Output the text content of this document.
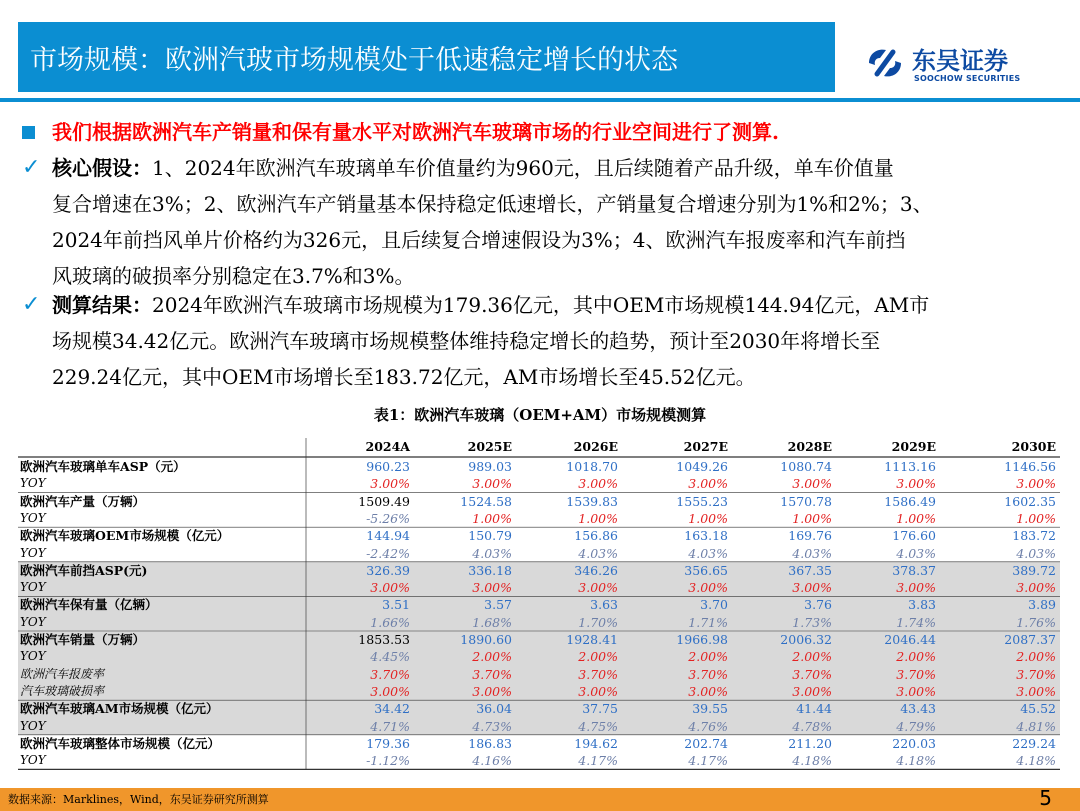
市场规模：欧洲汽玻市场规模处于低速稳定增长的状态	东吴证券
SOOCHOW SECURITIES
我们根据欧洲汽车产销量和保有量水平对欧洲汽车玻璃市场的行业空间进行了测算.
✓ 核心假设：1、2024年欧洲汽车玻璃单车价值量约为960元，且后续随着产品升级，单车价值量
复合增速在3%；2、欧洲汽车产销量基本保持稳定低速增长，产销量复合增速分别为1%和2%；3、
2024年前挡风单片价格约为326元，且后续复合增速假设为3%；4、欧洲汽车报废率和汽车前挡
风玻璃的破损率分别稳定在3.7%和3%。
✓ 测算结果：2024年欧洲汽车玻璃市场规模为179.36亿元，其中OEM市场规模144.94亿元，AM市
场规模34.42亿元。欧洲汽车玻璃市场规模整体维持稳定增长的趋势，预计至2030年将增长至
229.24亿元，其中OEM市场增长至183.72亿元，AM市场增长至45.52亿元。
表1：欧洲汽车玻璃（OEM+AM）市场规模测算
2024A	2025E	2026E	2027E	2028E	2029E	2030E
欧洲汽车玻璃单车ASP（元）	960.23	989.03	1018.70	1049.26	1080.74	1113.16	1146.56
YOY	3.00%	3.00%	3.00%	3.00%	3.00%	3.00%	3.00%
欧洲汽车产量（万辆）	1509.49	1524.58	1539.83	1555.23	1570.78	1586.49	1602.35
YOY	-5.26%	1.00%	1.00%	1.00%	1.00%	1.00%	1.00%
欧洲汽车玻璃OEM市场规模（亿元）	144.94	150.79	156.86	163.18	169.76	176.60	183.72
YOY	-2.42%	4.03%	4.03%	4.03%	4.03%	4.03%	4.03%
欧洲汽车前挡ASP(元)	326.39	336.18	346.26	356.65	367.35	378.37	389.72
YOY	3.00%	3.00%	3.00%	3.00%	3.00%	3.00%	3.00%
欧洲汽车保有量（亿辆）	3.51	3.57	3.63	3.70	3.76	3.83	3.89
YOY	1.66%	1.68%	1.70%	1.71%	1.73%	1.74%	1.76%
欧洲汽车销量（万辆）	1853.53	1890.60	1928.41	1966.98	2006.32	2046.44	2087.37
YOY	4.45%	2.00%	2.00%	2.00%	2.00%	2.00%	2.00%
欧洲汽车报废率	3.70%	3.70%	3.70%	3.70%	3.70%	3.70%	3.70%
汽车玻璃破损率	3.00%	3.00%	3.00%	3.00%	3.00%	3.00%	3.00%
欧洲汽车玻璃AM市场规模（亿元）	34.42	36.04	37.75	39.55	41.44	43.43	45.52
YOY	4.71%	4.73%	4.75%	4.76%	4.78%	4.79%	4.81%
欧洲汽车玻璃整体市场规模（亿元）	179.36	186.83	194.62	202.74	211.20	220.03	229.24
YOY	-1.12%	4.16%	4.17%	4.17%	4.18%	4.18%	4.18%
数据来源：Marklines，Wind，东吴证券研究所测算	5
